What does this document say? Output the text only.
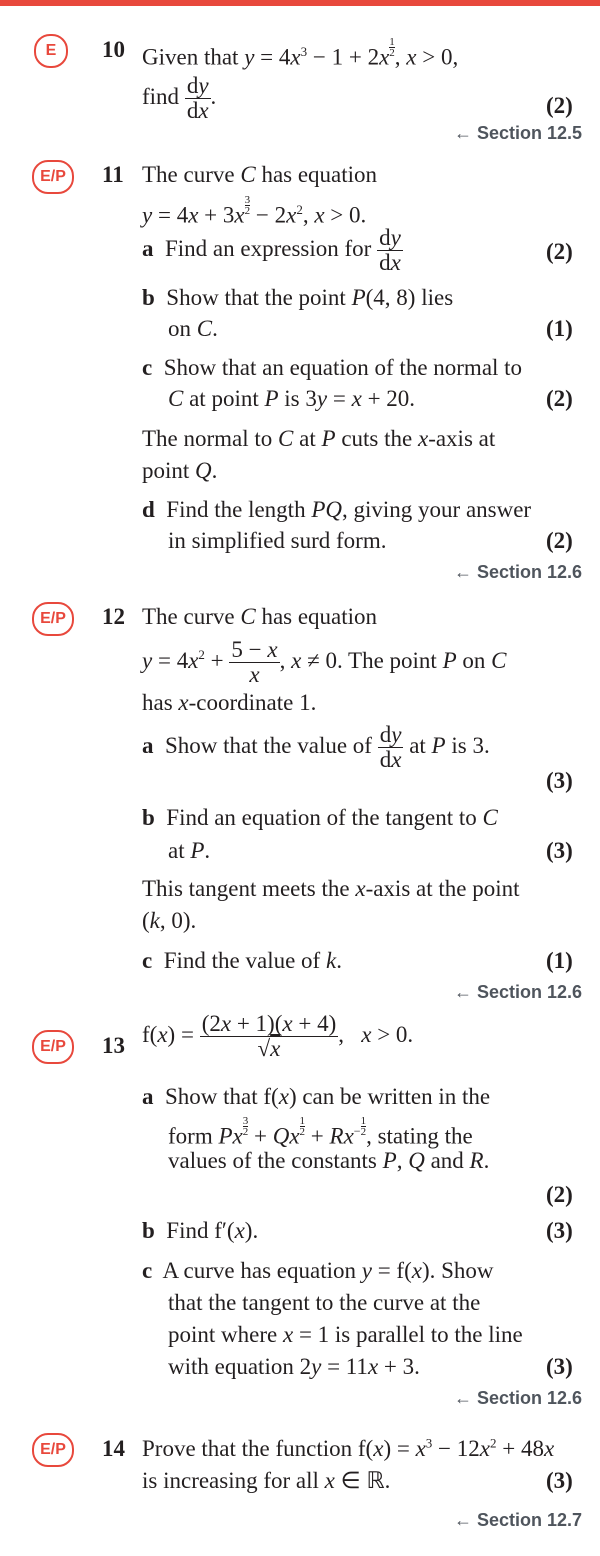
E	10 Given that $y = 4x^3 - 1 + 2x \frac{1}{2}$ , x > 0,
find $\frac{dy}{dx}$ .	(2)
← Section 12.5
E/P	11 The curve C has equation
$y = 4x + 3x \frac{3}{2} - 2x^2$, x > 0.
a Find an expression for $\frac{dy}{dx}$	(2)
b  Show that the point P(4, 8) lies
on C.	(1)
c Show that an equation of the normal to
C at point P is 3y = x + 20.	(2)
The normal to C at P cuts the x-axis at
point Q.
d  Find the length PQ, giving your answer
in simplified surd form.	(2)
← Section 12.6
E/P	12 The curve C has equation
$y = 4x^2 + \frac{5 - x}{x}$ , x ≠ 0. The point P on C
has x-coordinate 1.
a Show that the value of $\frac{dy}{dx}$ at P is 3.
(3)
b  Find an equation of the tangent to C
at P.	(3)
This tangent meets the x-axis at the point
(k, 0).
c  Find the value of k.	(1)
← Section 12.6
E/P	13 $f(x) = \frac{(2x + 1)(x + 4)}{√x}$ ,   x > 0.
a  Show that f(x) can be written in the
form Px $\frac{3}{2} + Qx \frac{1}{2} + Rx^- \frac{1}{2}$ , stating the
values of the constants P, Q and R.
(2)
b  Find f′(x).	(3)
c  A curve has equation y = f(x). Show
that the tangent to the curve at the
point where x = 1 is parallel to the line
with equation 2y = 11x + 3.	(3)
← Section 12.6
E/P	14 Prove that the function $f(x) = x^3 - 12x^2 + 48x$
is increasing for all x ∈ ℝ.	(3)
← Section 12.7
